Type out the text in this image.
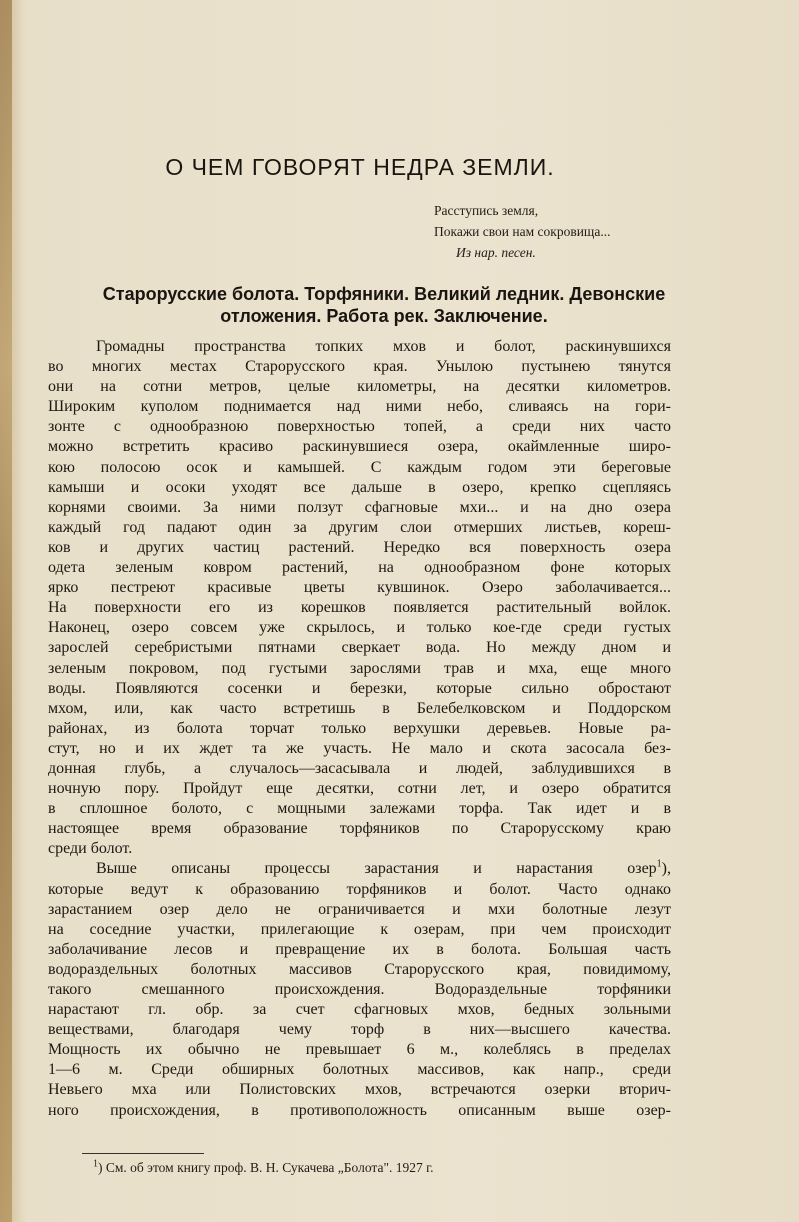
О ЧЕМ ГОВОРЯТ НЕДРА ЗЕМЛИ.
Расступись земля,
Покажи свои нам сокровища...
Из нар. песен.
Старорусские болота. Торфяники. Великий ледник. Девонские
отложения. Работа рек. Заключение.
Громадны пространства топких мхов и болот, раскинувшихся
во многих местах Старорусского края. Унылою пустынею тянутся
они на сотни метров, целые километры, на десятки километров.
Широким куполом поднимается над ними небо, сливаясь на гори-
зонте с однообразною поверхностью топей, а среди них часто
можно встретить красиво раскинувшиеся озера, окаймленные широ-
кою полосою осок и камышей. С каждым годом эти береговые
камыши и осоки уходят все дальше в озеро, крепко сцепляясь
корнями своими. За ними ползут сфагновые мхи... и на дно озера
каждый год падают один за другим слои отмерших листьев, кореш-
ков и других частиц растений. Нередко вся поверхность озера
одета зеленым ковром растений, на однообразном фоне которых
ярко пестреют красивые цветы кувшинок. Озеро заболачивается...
На поверхности его из корешков появляется растительный войлок.
Наконец, озеро совсем уже скрылось, и только кое-где среди густых
зарослей серебристыми пятнами сверкает вода. Но между дном и
зеленым покровом, под густыми зарослями трав и мха, еще много
воды. Появляются сосенки и березки, которые сильно обростают
мхом, или, как часто встретишь в Белебелковском и Поддорском
районах, из болота торчат только верхушки деревьев. Новые ра-
стут, но и их ждет та же участь. Не мало и скота засосала без-
донная глубь, а случалось—засасывала и людей, заблудившихся в
ночную пору. Пройдут еще десятки, сотни лет, и озеро обратится
в сплошное болото, с мощными залежами торфа. Так идет и в
настоящее время образование торфяников по Старорусскому краю
среди болот.
Выше описаны процессы зарастания и нарастания озер$^1$),
которые ведут к образованию торфяников и болот. Часто однако
зарастанием озер дело не ограничивается и мхи болотные лезут
на соседние участки, прилегающие к озерам, при чем происходит
заболачивание лесов и превращение их в болота. Большая часть
водораздельных болотных массивов Старорусского края, повидимому,
такого смешанного происхождения. Водораздельные торфяники
нарастают гл. обр. за счет сфагновых мхов, бедных зольными
веществами, благодаря чему торф в них—высшего качества.
Мощность их обычно не превышает 6 м., колеблясь в пределах
1—6 м. Среди обширных болотных массивов, как напр., среди
Невьего мха или Полистовских мхов, встречаются озерки вторич-
ного происхождения, в противоположность описанным выше озер-
$^1$) См. об этом книгу проф. В. Н. Сукачева „Болота". 1927 г.
